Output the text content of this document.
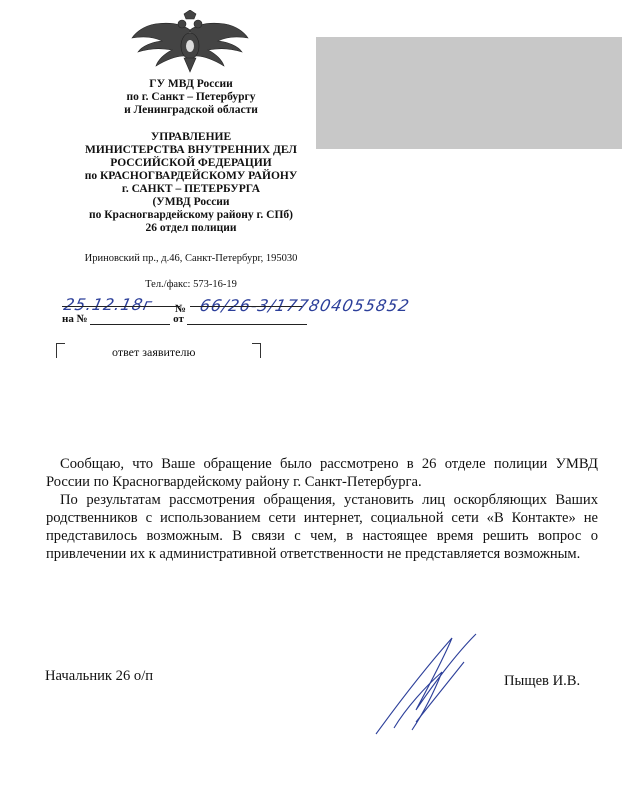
ГУ МВД России
по г. Санкт – Петербургу
и Ленинградской области
УПРАВЛЕНИЕ
МИНИСТЕРСТВА ВНУТРЕННИХ ДЕЛ
РОССИЙСКОЙ ФЕДЕРАЦИИ
по КРАСНОГВАРДЕЙСКОМУ РАЙОНУ
г. САНКТ – ПЕТЕРБУРГА
(УМВД России
по Красногвардейскому району г. СПб)
26 отдел полиции
Ириновский пр., д.46, Санкт-Петербург, 195030
Тел./факс: 573-16-19
25.12.18г № 66/26-3/177804055852
на №	от
ответ заявителю

Сообщаю, что Ваше обращение было рассмотрено в 26 отделе полиции УМВД России по Красногвардейскому району г. Санкт-Петербурга.

По результатам рассмотрения обращения, установить лиц оскорбляющих Ваших родственников с использованием сети интернет, социальной сети «В Контакте» не представилось возможным. В связи с чем, в настоящее время решить вопрос о привлечении их к административной ответственности не представляется возможным.

Начальник 26 о/п	Пыщев И.В.
